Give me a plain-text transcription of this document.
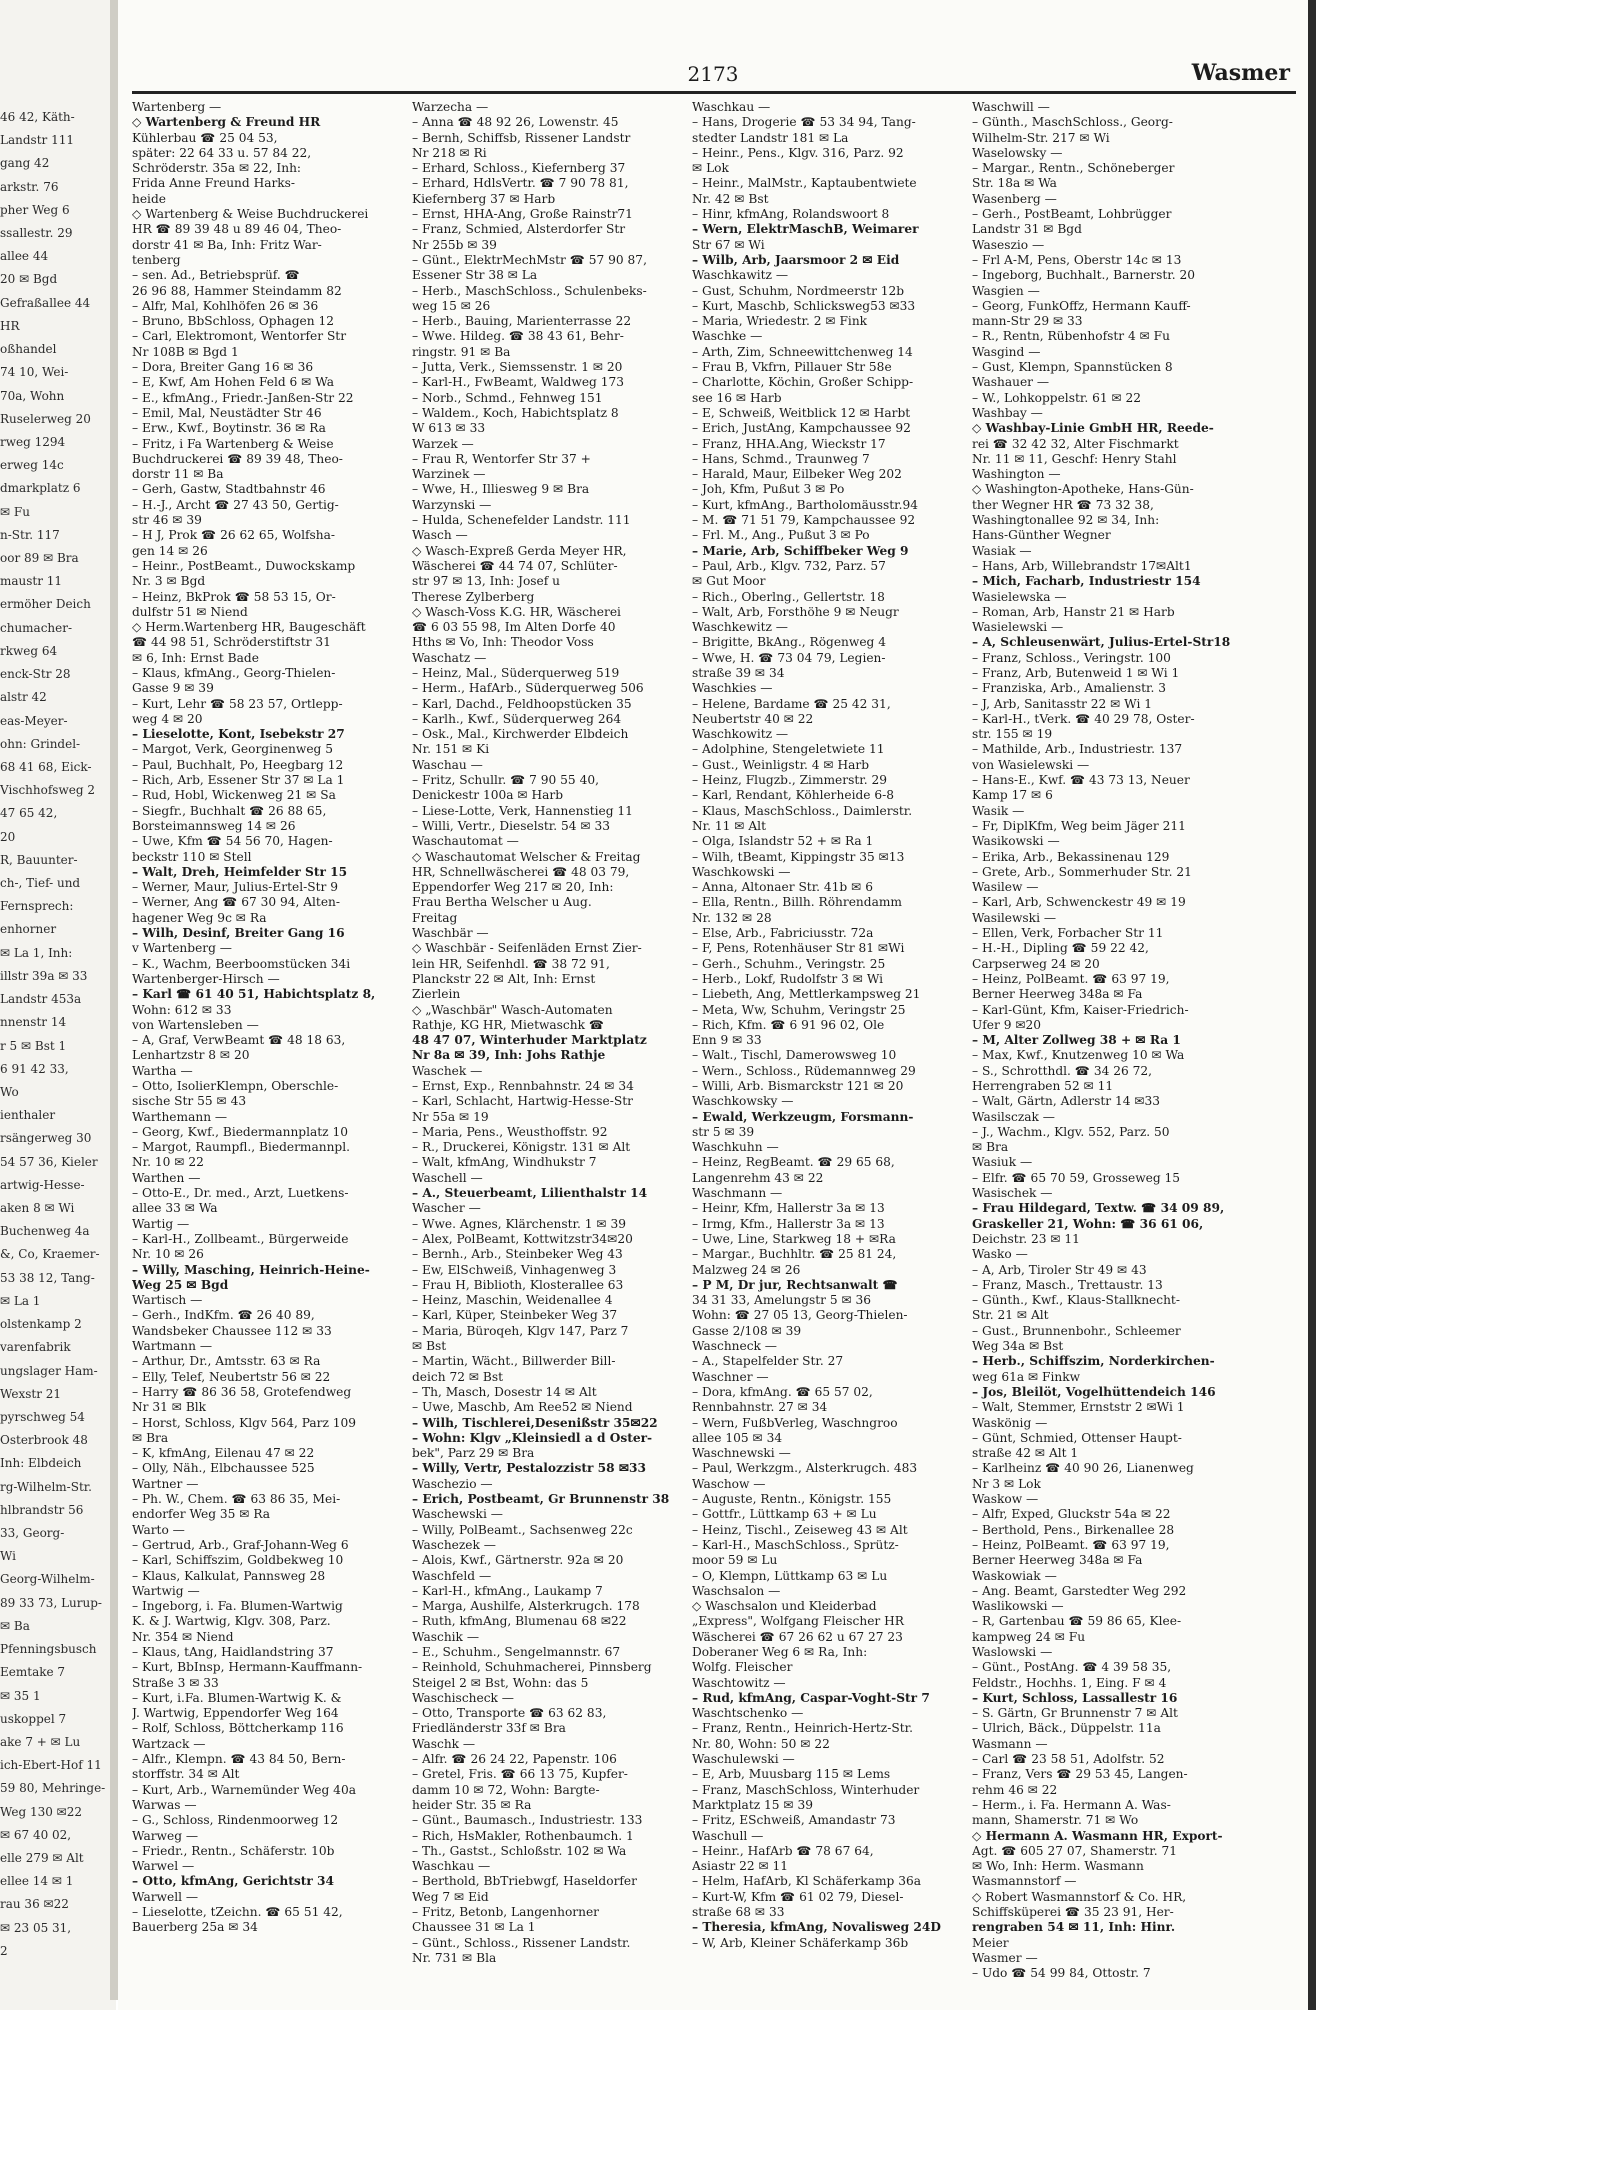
46 42, Käth-
Landstr 111
gang 42
arkstr. 76
pher Weg 6
ssallestr. 29
allee 44
20 ✉ Bgd
Gefraßallee 44
HR
oßhandel
74 10, Wei-
70a, Wohn
Ruselerweg 20
rweg 1294
erweg 14c
dmarkplatz 6
✉ Fu
n-Str. 117
oor 89 ✉ Bra
maustr 11
ermöher Deich
chumacher-
rkweg 64
enck-Str 28
alstr 42
eas-Meyer-
ohn: Grindel-
68 41 68, Eick-
Vischhofsweg 2
47 65 42,
20
R, Bauunter-
ch-, Tief- und
Fernsprech:
enhorner
✉ La 1, Inh:
illstr 39a ✉ 33
Landstr 453a
nnenstr 14
r 5 ✉ Bst 1
6 91 42 33,
Wo
ienthaler
rsängerweg 30
54 57 36, Kieler
artwig-Hesse-
aken 8 ✉ Wi
Buchenweg 4a
&, Co, Kraemer-
53 38 12, Tang-
✉ La 1
olstenkamp 2
varenfabrik
ungslager Ham-
Wexstr 21
pyrschweg 54
Osterbrook 48
Inh: Elbdeich
rg-Wilhelm-Str.
hlbrandstr 56
33, Georg-
Wi
Georg-Wilhelm-
89 33 73, Lurup-
✉ Ba
Pfenningsbusch
Eemtake 7
✉ 35 1
uskoppel 7
ake 7 + ✉ Lu
ich-Ebert-Hof 11
59 80, Mehringe-
Weg 130 ✉22
✉ 67 40 02,
elle 279 ✉ Alt
ellee 14 ✉ 1
rau 36 ✉22
✉ 23 05 31,
2
2173	Wasmer
Wartenberg —
◇ Wartenberg & Freund HR
Kühlerbau ☎ 25 04 53,
später: 22 64 33 u. 57 84 22,
Schröderstr. 35a ✉ 22, Inh:
Frida Anne Freund Harks-
heide
◇ Wartenberg & Weise Buchdruckerei
HR ☎ 89 39 48 u 89 46 04, Theo-
dorstr 41 ✉ Ba, Inh: Fritz War-
tenberg
– sen. Ad., Betriebsprüf. ☎
26 96 88, Hammer Steindamm 82
– Alfr, Mal, Kohlhöfen 26 ✉ 36
– Bruno, BbSchloss, Ophagen 12
– Carl, Elektromont, Wentorfer Str
Nr 108B ✉ Bgd 1
– Dora, Breiter Gang 16 ✉ 36
– E, Kwf, Am Hohen Feld 6 ✉ Wa
– E., kfmAng., Friedr.-Janßen-Str 22
– Emil, Mal, Neustädter Str 46
– Erw., Kwf., Boytinstr. 36 ✉ Ra
– Fritz, i Fa Wartenberg & Weise
Buchdruckerei ☎ 89 39 48, Theo-
dorstr 11 ✉ Ba
– Gerh, Gastw, Stadtbahnstr 46
– H.-J., Archt ☎ 27 43 50, Gertig-
str 46 ✉ 39
– H J, Prok ☎ 26 62 65, Wolfsha-
gen 14 ✉ 26
– Heinr., PostBeamt., Duwockskamp
Nr. 3 ✉ Bgd
– Heinz, BkProk ☎ 58 53 15, Or-
dulfstr 51 ✉ Niend
◇ Herm.Wartenberg HR, Baugeschäft
☎ 44 98 51, Schröderstiftstr 31
✉ 6, Inh: Ernst Bade
– Klaus, kfmAng., Georg-Thielen-
Gasse 9 ✉ 39
– Kurt, Lehr ☎ 58 23 57, Ortlepp-
weg 4 ✉ 20
– Lieselotte, Kont, Isebekstr 27
– Margot, Verk, Georginenweg 5
– Paul, Buchhalt, Po, Heegbarg 12
– Rich, Arb, Essener Str 37 ✉ La 1
– Rud, Hobl, Wickenweg 21 ✉ Sa
– Siegfr., Buchhalt ☎ 26 88 65,
Borsteimannsweg 14 ✉ 26
– Uwe, Kfm ☎ 54 56 70, Hagen-
beckstr 110 ✉ Stell
– Walt, Dreh, Heimfelder Str 15
– Werner, Maur, Julius-Ertel-Str 9
– Werner, Ang ☎ 67 30 94, Alten-
hagener Weg 9c ✉ Ra
– Wilh, Desinf, Breiter Gang 16
v Wartenberg —
– K., Wachm, Beerboomstücken 34i
Wartenberger-Hirsch —
– Karl ☎ 61 40 51, Habichtsplatz 8,
Wohn: 612 ✉ 33
von Wartensleben —
– A, Graf, VerwBeamt ☎ 48 18 63,
Lenhartzstr 8 ✉ 20
Wartha —
– Otto, IsolierKlempn, Oberschle-
sische Str 55 ✉ 43
Warthemann —
– Georg, Kwf., Biedermannplatz 10
– Margot, Raumpfl., Biedermannpl.
Nr. 10 ✉ 22
Warthen —
– Otto-E., Dr. med., Arzt, Luetkens-
allee 33 ✉ Wa
Wartig —
– Karl-H., Zollbeamt., Bürgerweide
Nr. 10 ✉ 26
– Willy, Masching, Heinrich-Heine-
Weg 25 ✉ Bgd
Wartisch —
– Gerh., IndKfm. ☎ 26 40 89,
Wandsbeker Chaussee 112 ✉ 33
Wartmann —
– Arthur, Dr., Amtsstr. 63 ✉ Ra
– Elly, Telef, Neubertstr 56 ✉ 22
– Harry ☎ 86 36 58, Grotefendweg
Nr 31 ✉ Blk
– Horst, Schloss, Klgv 564, Parz 109
✉ Bra
– K, kfmAng, Eilenau 47 ✉ 22
– Olly, Näh., Elbchaussee 525
Wartner —
– Ph. W., Chem. ☎ 63 86 35, Mei-
endorfer Weg 35 ✉ Ra
Warto —
– Gertrud, Arb., Graf-Johann-Weg 6
– Karl, Schiffszim, Goldbekweg 10
– Klaus, Kalkulat, Pannsweg 28
Wartwig —
– Ingeborg, i. Fa. Blumen-Wartwig
K. & J. Wartwig, Klgv. 308, Parz.
Nr. 354 ✉ Niend
– Klaus, tAng, Haidlandstring 37
– Kurt, BbInsp, Hermann-Kauffmann-
Straße 3 ✉ 33
– Kurt, i.Fa. Blumen-Wartwig K. &
J. Wartwig, Eppendorfer Weg 164
– Rolf, Schloss, Böttcherkamp 116
Wartzack —
– Alfr., Klempn. ☎ 43 84 50, Bern-
storffstr. 34 ✉ Alt
– Kurt, Arb., Warnemünder Weg 40a
Warwas —
– G., Schloss, Rindenmoorweg 12
Warweg —
– Friedr., Rentn., Schäferstr. 10b
Warwel —
– Otto, kfmAng, Gerichtstr 34
Warwell —
– Lieselotte, tZeichn. ☎ 65 51 42,
Bauerberg 25a ✉ 34
Warzecha —
– Anna ☎ 48 92 26, Lowenstr. 45
– Bernh, Schiffsb, Rissener Landstr
Nr 218 ✉ Ri
– Erhard, Schloss., Kiefernberg 37
– Erhard, HdlsVertr. ☎ 7 90 78 81,
Kiefernberg 37 ✉ Harb
– Ernst, HHA-Ang, Große Rainstr71
– Franz, Schmied, Alsterdorfer Str
Nr 255b ✉ 39
– Günt., ElektrMechMstr ☎ 57 90 87,
Essener Str 38 ✉ La
– Herb., MaschSchloss., Schulenbeks-
weg 15 ✉ 26
– Herb., Bauing, Marienterrasse 22
– Wwe. Hildeg. ☎ 38 43 61, Behr-
ringstr. 91 ✉ Ba
– Jutta, Verk., Siemssenstr. 1 ✉ 20
– Karl-H., FwBeamt, Waldweg 173
– Norb., Schmd., Fehnweg 151
– Waldem., Koch, Habichtsplatz 8
W 613 ✉ 33
Warzek —
– Frau R, Wentorfer Str 37 +
Warzinek —
– Wwe, H., Illiesweg 9 ✉ Bra
Warzynski —
– Hulda, Schenefelder Landstr. 111
Wasch —
◇ Wasch-Expreß Gerda Meyer HR,
Wäscherei ☎ 44 74 07, Schlüter-
str 97 ✉ 13, Inh: Josef u
Therese Zylberberg
◇ Wasch-Voss K.G. HR, Wäscherei
☎ 6 03 55 98, Im Alten Dorfe 40
Hths ✉ Vo, Inh: Theodor Voss
Waschatz —
– Heinz, Mal., Süderquerweg 519
– Herm., HafArb., Süderquerweg 506
– Karl, Dachd., Feldhoopstücken 35
– Karlh., Kwf., Süderquerweg 264
– Osk., Mal., Kirchwerder Elbdeich
Nr. 151 ✉ Ki
Waschau —
– Fritz, Schullr. ☎ 7 90 55 40,
Denickestr 100a ✉ Harb
– Liese-Lotte, Verk, Hannenstieg 11
– Willi, Vertr., Dieselstr. 54 ✉ 33
Waschautomat —
◇ Waschautomat Welscher & Freitag
HR, Schnellwäscherei ☎ 48 03 79,
Eppendorfer Weg 217 ✉ 20, Inh:
Frau Bertha Welscher u Aug.
Freitag
Waschbär —
◇ Waschbär - Seifenläden Ernst Zier-
lein HR, Seifenhdl. ☎ 38 72 91,
Planckstr 22 ✉ Alt, Inh: Ernst
Zierlein
◇ „Waschbär" Wasch-Automaten
Rathje, KG HR, Mietwaschk ☎
48 47 07, Winterhuder Marktplatz
Nr 8a ✉ 39, Inh: Johs Rathje
Waschek —
– Ernst, Exp., Rennbahnstr. 24 ✉ 34
– Karl, Schlacht, Hartwig-Hesse-Str
Nr 55a ✉ 19
– Maria, Pens., Weusthoffstr. 92
– R., Druckerei, Königstr. 131 ✉ Alt
– Walt, kfmAng, Windhukstr 7
Waschell —
– A., Steuerbeamt, Lilienthalstr 14
Wascher —
– Wwe. Agnes, Klärchenstr. 1 ✉ 39
– Alex, PolBeamt, Kottwitzstr34✉20
– Bernh., Arb., Steinbeker Weg 43
– Ew, ElSchweiß, Vinhagenweg 3
– Frau H, Biblioth, Klosterallee 63
– Heinz, Maschin, Weidenallee 4
– Karl, Küper, Steinbeker Weg 37
– Maria, Büroqeh, Klgv 147, Parz 7
✉ Bst
– Martin, Wächt., Billwerder Bill-
deich 72 ✉ Bst
– Th, Masch, Dosestr 14 ✉ Alt
– Uwe, Maschb, Am Ree52 ✉ Niend
– Wilh, Tischlerei,Desenißstr 35✉22
– Wohn: Klgv „Kleinsiedl a d Oster-
bek", Parz 29 ✉ Bra
– Willy, Vertr, Pestalozzistr 58 ✉33
Waschezio —
– Erich, Postbeamt, Gr Brunnenstr 38
Waschewski —
– Willy, PolBeamt., Sachsenweg 22c
Waschezek —
– Alois, Kwf., Gärtnerstr. 92a ✉ 20
Waschfeld —
– Karl-H., kfmAng., Laukamp 7
– Marga, Aushilfe, Alsterkrugch. 178
– Ruth, kfmAng, Blumenau 68 ✉22
Waschik —
– E., Schuhm., Sengelmannstr. 67
– Reinhold, Schuhmacherei, Pinnsberg
Steigel 2 ✉ Bst, Wohn: das 5
Waschischeck —
– Otto, Transporte ☎ 63 62 83,
Friedländerstr 33f ✉ Bra
Waschk —
– Alfr. ☎ 26 24 22, Papenstr. 106
– Gretel, Fris. ☎ 66 13 75, Kupfer-
damm 10 ✉ 72, Wohn: Bargte-
heider Str. 35 ✉ Ra
– Günt., Baumasch., Industriestr. 133
– Rich, HsMakler, Rothenbaumch. 1
– Th., Gastst., Schloßstr. 102 ✉ Wa
Waschkau —
– Berthold, BbTriebwgf, Haseldorfer
Weg 7 ✉ Eid
– Fritz, Betonb, Langenhorner
Chaussee 31 ✉ La 1
– Günt., Schloss., Rissener Landstr.
Nr. 731 ✉ Bla
Waschkau —
– Hans, Drogerie ☎ 53 34 94, Tang-
stedter Landstr 181 ✉ La
– Heinr., Pens., Klgv. 316, Parz. 92
✉ Lok
– Heinr., MalMstr., Kaptaubentwiete
Nr. 42 ✉ Bst
– Hinr, kfmAng, Rolandswoort 8
– Wern, ElektrMaschB, Weimarer
Str 67 ✉ Wi
– Wilb, Arb, Jaarsmoor 2 ✉ Eid
Waschkawitz —
– Gust, Schuhm, Nordmeerstr 12b
– Kurt, Maschb, Schlicksweg53 ✉33
– Maria, Wriedestr. 2 ✉ Fink
Waschke —
– Arth, Zim, Schneewittchenweg 14
– Frau B, Vkfrn, Pillauer Str 58e
– Charlotte, Köchin, Großer Schipp-
see 16 ✉ Harb
– E, Schweiß, Weitblick 12 ✉ Harbt
– Erich, JustAng, Kampchaussee 92
– Franz, HHA.Ang, Wieckstr 17
– Hans, Schmd., Traunweg 7
– Harald, Maur, Eilbeker Weg 202
– Joh, Kfm, Pußut 3 ✉ Po
– Kurt, kfmAng., Bartholomäusstr.94
– M. ☎ 71 51 79, Kampchaussee 92
– Frl. M., Ang., Pußut 3 ✉ Po
– Marie, Arb, Schiffbeker Weg 9
– Paul, Arb., Klgv. 732, Parz. 57
✉ Gut Moor
– Rich., Oberlng., Gellertstr. 18
– Walt, Arb, Forsthöhe 9 ✉ Neugr
Waschkewitz —
– Brigitte, BkAng., Rögenweg 4
– Wwe, H. ☎ 73 04 79, Legien-
straße 39 ✉ 34
Waschkies —
– Helene, Bardame ☎ 25 42 31,
Neubertstr 40 ✉ 22
Waschkowitz —
– Adolphine, Stengeletwiete 11
– Gust., Weinligstr. 4 ✉ Harb
– Heinz, Flugzb., Zimmerstr. 29
– Karl, Rendant, Köhlerheide 6-8
– Klaus, MaschSchloss., Daimlerstr.
Nr. 11 ✉ Alt
– Olga, Islandstr 52 + ✉ Ra 1
– Wilh, tBeamt, Kippingstr 35 ✉13
Waschkowski —
– Anna, Altonaer Str. 41b ✉ 6
– Ella, Rentn., Billh. Röhrendamm
Nr. 132 ✉ 28
– Else, Arb., Fabriciusstr. 72a
– F, Pens, Rotenhäuser Str 81 ✉Wi
– Gerh., Schuhm., Veringstr. 25
– Herb., Lokf, Rudolfstr 3 ✉ Wi
– Liebeth, Ang, Mettlerkampsweg 21
– Meta, Ww, Schuhm, Veringstr 25
– Rich, Kfm. ☎ 6 91 96 02, Ole
Enn 9 ✉ 33
– Walt., Tischl, Damerowsweg 10
– Wern., Schloss., Rüdemannweg 29
– Willi, Arb. Bismarckstr 121 ✉ 20
Waschkowsky —
– Ewald, Werkzeugm, Forsmann-
str 5 ✉ 39
Waschkuhn —
– Heinz, RegBeamt. ☎ 29 65 68,
Langenrehm 43 ✉ 22
Waschmann —
– Heinr, Kfm, Hallerstr 3a ✉ 13
– Irmg, Kfm., Hallerstr 3a ✉ 13
– Uwe, Line, Starkweg 18 + ✉Ra
– Margar., Buchhltr. ☎ 25 81 24,
Malzweg 24 ✉ 26
– P M, Dr jur, Rechtsanwalt ☎
34 31 33, Amelungstr 5 ✉ 36
Wohn: ☎ 27 05 13, Georg-Thielen-
Gasse 2/108 ✉ 39
Waschneck —
– A., Stapelfelder Str. 27
Waschner —
– Dora, kfmAng. ☎ 65 57 02,
Rennbahnstr. 27 ✉ 34
– Wern, FußbVerleg, Waschngroo
allee 105 ✉ 34
Waschnewski —
– Paul, Werkzgm., Alsterkrugch. 483
Waschow —
– Auguste, Rentn., Königstr. 155
– Gottfr., Lüttkamp 63 + ✉ Lu
– Heinz, Tischl., Zeiseweg 43 ✉ Alt
– Karl-H., MaschSchloss., Sprütz-
moor 59 ✉ Lu
– O, Klempn, Lüttkamp 63 ✉ Lu
Waschsalon —
◇ Waschsalon und Kleiderbad
„Express", Wolfgang Fleischer HR
Wäscherei ☎ 67 26 62 u 67 27 23
Doberaner Weg 6 ✉ Ra, Inh:
Wolfg. Fleischer
Waschtowitz —
– Rud, kfmAng, Caspar-Voght-Str 7
Waschtschenko —
– Franz, Rentn., Heinrich-Hertz-Str.
Nr. 80, Wohn: 50 ✉ 22
Waschulewski —
– E, Arb, Muusbarg 115 ✉ Lems
– Franz, MaschSchloss, Winterhuder
Marktplatz 15 ✉ 39
– Fritz, ESchweiß, Amandastr 73
Waschull —
– Heinr., HafArb ☎ 78 67 64,
Asiastr 22 ✉ 11
– Helm, HafArb, Kl Schäferkamp 36a
– Kurt-W, Kfm ☎ 61 02 79, Diesel-
straße 68 ✉ 33
– Theresia, kfmAng, Novalisweg 24D
– W, Arb, Kleiner Schäferkamp 36b
Waschwill —
– Günth., MaschSchloss., Georg-
Wilhelm-Str. 217 ✉ Wi
Waselowsky —
– Margar., Rentn., Schöneberger
Str. 18a ✉ Wa
Wasenberg —
– Gerh., PostBeamt, Lohbrügger
Landstr 31 ✉ Bgd
Waseszio —
– Frl A-M, Pens, Oberstr 14c ✉ 13
– Ingeborg, Buchhalt., Barnerstr. 20
Wasgien —
– Georg, FunkOffz, Hermann Kauff-
mann-Str 29 ✉ 33
– R., Rentn, Rübenhofstr 4 ✉ Fu
Wasgind —
– Gust, Klempn, Spannstücken 8
Washauer —
– W., Lohkoppelstr. 61 ✉ 22
Washbay —
◇ Washbay-Linie GmbH HR, Reede-
rei ☎ 32 42 32, Alter Fischmarkt
Nr. 11 ✉ 11, Geschf: Henry Stahl
Washington —
◇ Washington-Apotheke, Hans-Gün-
ther Wegner HR ☎ 73 32 38,
Washingtonallee 92 ✉ 34, Inh:
Hans-Günther Wegner
Wasiak —
– Hans, Arb, Willebrandstr 17✉Alt1
– Mich, Facharb, Industriestr 154
Wasielewska —
– Roman, Arb, Hanstr 21 ✉ Harb
Wasielewski —
– A, Schleusenwärt, Julius-Ertel-Str18
– Franz, Schloss., Veringstr. 100
– Franz, Arb, Butenweid 1 ✉ Wi 1
– Franziska, Arb., Amalienstr. 3
– J, Arb, Sanitasstr 22 ✉ Wi 1
– Karl-H., tVerk. ☎ 40 29 78, Oster-
str. 155 ✉ 19
– Mathilde, Arb., Industriestr. 137
von Wasielewski —
– Hans-E., Kwf. ☎ 43 73 13, Neuer
Kamp 17 ✉ 6
Wasik —
– Fr, DiplKfm, Weg beim Jäger 211
Wasikowski —
– Erika, Arb., Bekassinenau 129
– Grete, Arb., Sommerhuder Str. 21
Wasilew —
– Karl, Arb, Schwenckestr 49 ✉ 19
Wasilewski —
– Ellen, Verk, Forbacher Str 11
– H.-H., Dipling ☎ 59 22 42,
Carpserweg 24 ✉ 20
– Heinz, PolBeamt. ☎ 63 97 19,
Berner Heerweg 348a ✉ Fa
– Karl-Günt, Kfm, Kaiser-Friedrich-
Ufer 9 ✉20
– M, Alter Zollweg 38 + ✉ Ra 1
– Max, Kwf., Knutzenweg 10 ✉ Wa
– S., Schrotthdl. ☎ 34 26 72,
Herrengraben 52 ✉ 11
– Walt, Gärtn, Adlerstr 14 ✉33
Wasilsczak —
– J., Wachm., Klgv. 552, Parz. 50
✉ Bra
Wasiuk —
– Elfr. ☎ 65 70 59, Grosseweg 15
Wasischek —
– Frau Hildegard, Textw. ☎ 34 09 89,
Graskeller 21, Wohn: ☎ 36 61 06,
Deichstr. 23 ✉ 11
Wasko —
– A, Arb, Tiroler Str 49 ✉ 43
– Franz, Masch., Trettaustr. 13
– Günth., Kwf., Klaus-Stallknecht-
Str. 21 ✉ Alt
– Gust., Brunnenbohr., Schleemer
Weg 34a ✉ Bst
– Herb., Schiffszim, Norderkirchen-
weg 61a ✉ Finkw
– Jos, Bleilöt, Vogelhüttendeich 146
– Walt, Stemmer, Ernststr 2 ✉Wi 1
Waskönig —
– Günt, Schmied, Ottenser Haupt-
straße 42 ✉ Alt 1
– Karlheinz ☎ 40 90 26, Lianenweg
Nr 3 ✉ Lok
Waskow —
– Alfr, Exped, Gluckstr 54a ✉ 22
– Berthold, Pens., Birkenallee 28
– Heinz, PolBeamt. ☎ 63 97 19,
Berner Heerweg 348a ✉ Fa
Waskowiak —
– Ang. Beamt, Garstedter Weg 292
Waslikowski —
– R, Gartenbau ☎ 59 86 65, Klee-
kampweg 24 ✉ Fu
Waslowski —
– Günt., PostAng. ☎ 4 39 58 35,
Feldstr., Hochhs. 1, Eing. F ✉ 4
– Kurt, Schloss, Lassallestr 16
– S. Gärtn, Gr Brunnenstr 7 ✉ Alt
– Ulrich, Bäck., Düppelstr. 11a
Wasmann —
– Carl ☎ 23 58 51, Adolfstr. 52
– Franz, Vers ☎ 29 53 45, Langen-
rehm 46 ✉ 22
– Herm., i. Fa. Hermann A. Was-
mann, Shamerstr. 71 ✉ Wo
◇ Hermann A. Wasmann HR, Export-
Agt. ☎ 605 27 07, Shamerstr. 71
✉ Wo, Inh: Herm. Wasmann
Wasmannstorf —
◇ Robert Wasmannstorf & Co. HR,
Schiffsküperei ☎ 35 23 91, Her-
rengraben 54 ✉ 11, Inh: Hinr.
Meier
Wasmer —
– Udo ☎ 54 99 84, Ottostr. 7
